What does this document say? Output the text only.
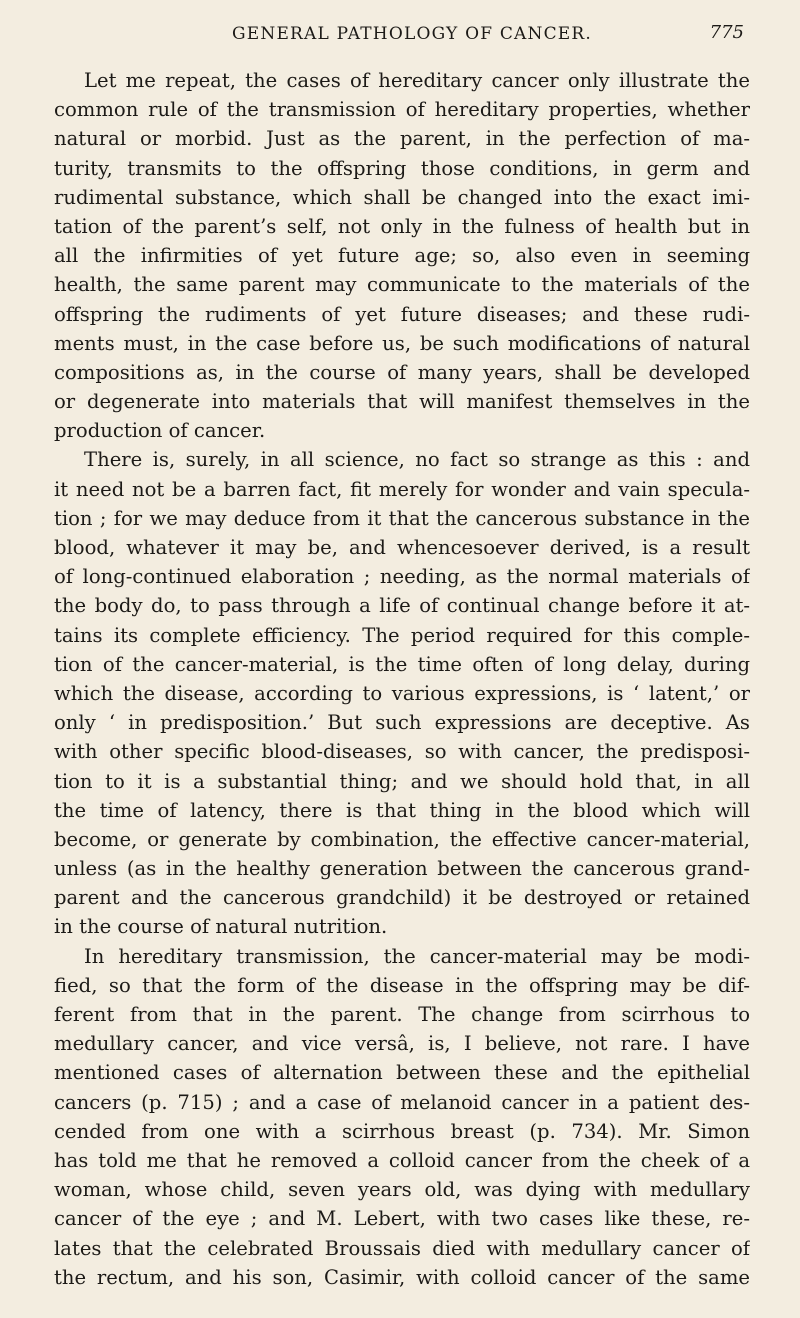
GENERAL PATHOLOGY OF CANCER.	775
Let me repeat, the cases of hereditary cancer only illustrate the
common rule of the transmission of hereditary properties, whether
natural or morbid. Just as the parent, in the perfection of ma-
turity, transmits to the offspring those conditions, in germ and
rudimental substance, which shall be changed into the exact imi-
tation of the parent’s self, not only in the fulness of health but in
all the infirmities of yet future age; so, also even in seeming
health, the same parent may communicate to the materials of the
offspring the rudiments of yet future diseases; and these rudi-
ments must, in the case before us, be such modifications of natural
compositions as, in the course of many years, shall be developed
or degenerate into materials that will manifest themselves in the
production of cancer.
There is, surely, in all science, no fact so strange as this : and
it need not be a barren fact, fit merely for wonder and vain specula-
tion ; for we may deduce from it that the cancerous substance in the
blood, whatever it may be, and whencesoever derived, is a result
of long-continued elaboration ; needing, as the normal materials of
the body do, to pass through a life of continual change before it at-
tains its complete efficiency. The period required for this comple-
tion of the cancer-material, is the time often of long delay, during
which the disease, according to various expressions, is ‘ latent,’ or
only ‘ in predisposition.’ But such expressions are deceptive. As
with other specific blood-diseases, so with cancer, the predisposi-
tion to it is a substantial thing; and we should hold that, in all
the time of latency, there is that thing in the blood which will
become, or generate by combination, the effective cancer-material,
unless (as in the healthy generation between the cancerous grand-
parent and the cancerous grandchild) it be destroyed or retained
in the course of natural nutrition.
In hereditary transmission, the cancer-material may be modi-
fied, so that the form of the disease in the offspring may be dif-
ferent from that in the parent. The change from scirrhous to
medullary cancer, and vice versâ, is, I believe, not rare. I have
mentioned cases of alternation between these and the epithelial
cancers (p. 715) ; and a case of melanoid cancer in a patient des-
cended from one with a scirrhous breast (p. 734). Mr. Simon
has told me that he removed a colloid cancer from the cheek of a
woman, whose child, seven years old, was dying with medullary
cancer of the eye ; and M. Lebert, with two cases like these, re-
lates that the celebrated Broussais died with medullary cancer of
the rectum, and his son, Casimir, with colloid cancer of the same
